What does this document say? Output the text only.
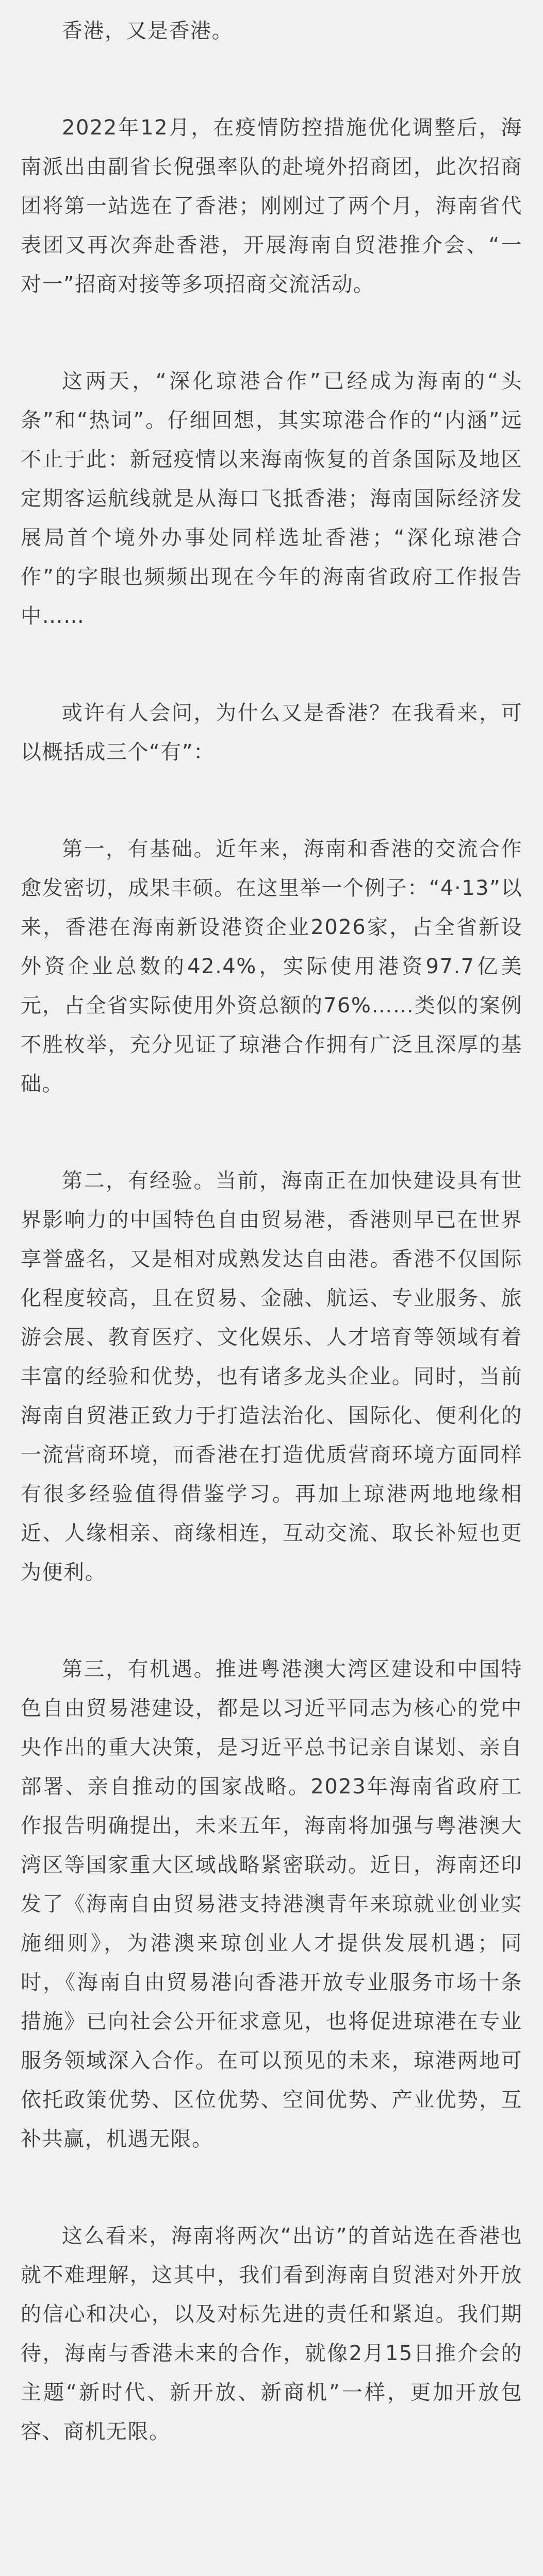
香港，又是香港。

2022年12月，在疫情防控措施优化调整后，海南派出由副省长倪强率队的赴境外招商团，此次招商团将第一站选在了香港；刚刚过了两个月，海南省代表团又再次奔赴香港，开展海南自贸港推介会、“一对一”招商对接等多项招商交流活动。

这两天，“深化琼港合作”已经成为海南的“头条”和“热词”。仔细回想，其实琼港合作的“内涵”远不止于此：新冠疫情以来海南恢复的首条国际及地区定期客运航线就是从海口飞抵香港；海南国际经济发展局首个境外办事处同样选址香港；“深化琼港合作”的字眼也频频出现在今年的海南省政府工作报告中……

或许有人会问，为什么又是香港？在我看来，可以概括成三个“有”：

第一，有基础。近年来，海南和香港的交流合作愈发密切，成果丰硕。在这里举一个例子：“4·13”以来，香港在海南新设港资企业2026家，占全省新设外资企业总数的42.4%，实际使用港资97.7亿美元，占全省实际使用外资总额的76%……类似的案例不胜枚举，充分见证了琼港合作拥有广泛且深厚的基础。

第二，有经验。当前，海南正在加快建设具有世界影响力的中国特色自由贸易港，香港则早已在世界享誉盛名，又是相对成熟发达自由港。香港不仅国际化程度较高，且在贸易、金融、航运、专业服务、旅游会展、教育医疗、文化娱乐、人才培育等领域有着丰富的经验和优势，也有诸多龙头企业。同时，当前海南自贸港正致力于打造法治化、国际化、便利化的一流营商环境，而香港在打造优质营商环境方面同样有很多经验值得借鉴学习。再加上琼港两地地缘相近、人缘相亲、商缘相连，互动交流、取长补短也更为便利。

第三，有机遇。推进粤港澳大湾区建设和中国特色自由贸易港建设，都是以习近平同志为核心的党中央作出的重大决策，是习近平总书记亲自谋划、亲自部署、亲自推动的国家战略。2023年海南省政府工作报告明确提出，未来五年，海南将加强与粤港澳大湾区等国家重大区域战略紧密联动。近日，海南还印发了《海南自由贸易港支持港澳青年来琼就业创业实施细则》，为港澳来琼创业人才提供发展机遇；同时，《海南自由贸易港向香港开放专业服务市场十条措施》已向社会公开征求意见，也将促进琼港在专业服务领域深入合作。在可以预见的未来，琼港两地可依托政策优势、区位优势、空间优势、产业优势，互补共赢，机遇无限。

这么看来，海南将两次“出访”的首站选在香港也就不难理解，这其中，我们看到海南自贸港对外开放的信心和决心，以及对标先进的责任和紧迫。我们期待，海南与香港未来的合作，就像2月15日推介会的主题“新时代、新开放、新商机”一样，更加开放包容、商机无限。
